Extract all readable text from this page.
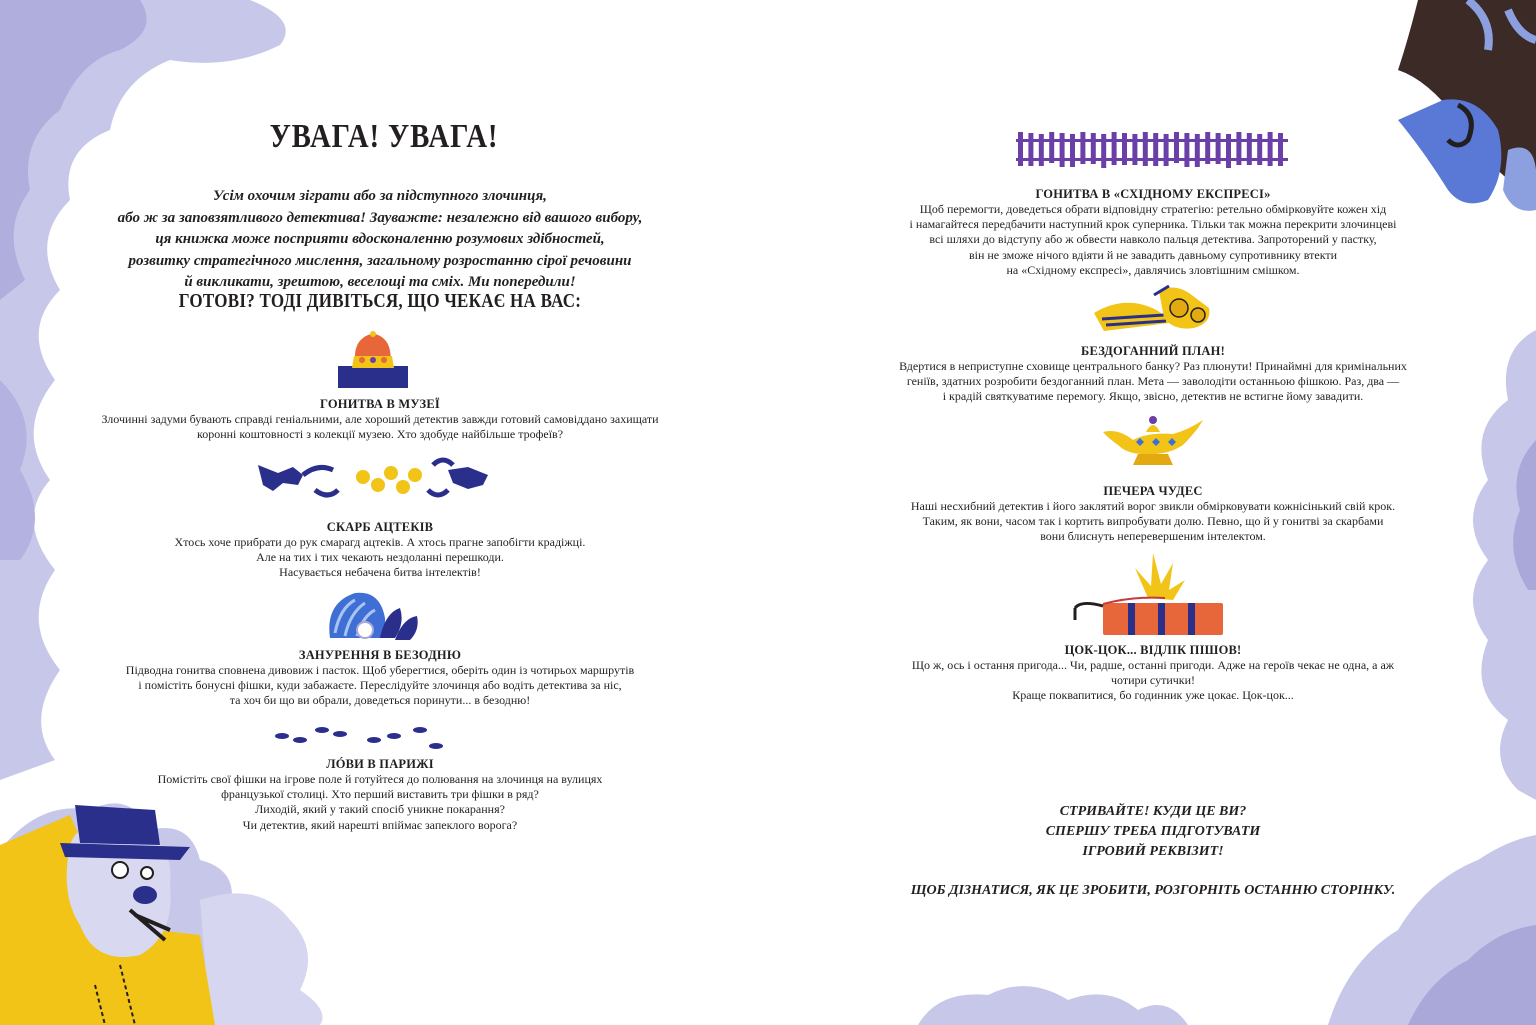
УВАГА! УВАГА!
Усім охочим зіграти або за підступного злочинця,
або ж за заповзятливого детектива! Зауважте: незалежно від вашого вибору,
ця книжка може посприяти вдосконаленню розумових здібностей,
розвитку стратегічного мислення, загальному розростанню сірої речовини
й викликати, зрештою, веселощі та сміх. Ми попередили!
ГОТОВІ? ТОДІ ДИВІТЬСЯ, ЩО ЧЕКАЄ НА ВАС:
ГОНИТВА В МУЗЕЇ
Злочинні задуми бувають справді геніальними, але хороший детектив завжди готовий самовіддано захищати
коронні коштовності з колекції музею. Хто здобуде найбільше трофеїв?
СКАРБ АЦТЕКІВ
Хтось хоче прибрати до рук смарагд ацтеків. А хтось прагне запобігти крадіжці.
Але на тих і тих чекають нездоланні перешкоди.
Насувається небачена битва інтелектів!
ЗАНУРЕННЯ В БЕЗОДНЮ
Підводна гонитва сповнена дивовиж і пасток. Щоб уберегтися, оберіть один із чотирьох маршрутів
і помістіть бонусні фішки, куди забажаєте. Переслідуйте злочинця або водіть детектива за ніс,
та хоч би що ви обрали, доведеться поринути... в безодню!
ЛÓВИ В ПАРИЖІ
Помістіть свої фішки на ігрове поле й готуйтеся до полювання на злочинця на вулицях
французької столиці. Хто перший виставить три фішки в ряд?
Лиходій, який у такий спосіб уникне покарання?
Чи детектив, який нарешті впіймає запеклого ворога?
ГОНИТВА В «СХІДНОМУ ЕКСПРЕСІ»
Щоб перемогти, доведеться обрати відповідну стратегію: ретельно обмірковуйте кожен хід
і намагайтеся передбачити наступний крок суперника. Тільки так можна перекрити злочинцеві
всі шляхи до відступу або ж обвести навколо пальця детектива. Запроторений у пастку,
він не зможе нічого вдіяти й не завадить давньому супротивнику втекти
на «Східному експресі», давлячись зловтішним смішком.
БЕЗДОГАННИЙ ПЛАН!
Вдертися в неприступне сховище центрального банку? Раз плюнути! Принаймні для кримінальних
геніїв, здатних розробити бездоганний план. Мета — заволодіти останньою фішкою. Раз, два —
і крадій святкуватиме перемогу. Якщо, звісно, детектив не встигне йому завадити.
ПЕЧЕРА ЧУДЕС
Наші несхибний детектив і його заклятий ворог звикли обмірковувати кожнісінький свій крок.
Таким, як вони, часом так і кортить випробувати долю. Певно, що й у гонитві за скарбами
вони блиснуть неперевершеним інтелектом.
ЦОК-ЦОК... ВІДЛІК ПІШОВ!
Що ж, ось і остання пригода... Чи, радше, останні пригоди. Адже на героїв чекає не одна, а аж
чотири сутички!
Краще поквапитися, бо годинник уже цокає. Цок-цок...
СТРИВАЙТЕ! КУДИ ЦЕ ВИ?
СПЕРШУ ТРЕБА ПІДГОТУВАТИ
ІГРОВИЙ РЕКВІЗИТ!
ЩОБ ДІЗНАТИСЯ, ЯК ЦЕ ЗРОБИТИ, РОЗГОРНІТЬ ОСТАННЮ СТОРІНКУ.
